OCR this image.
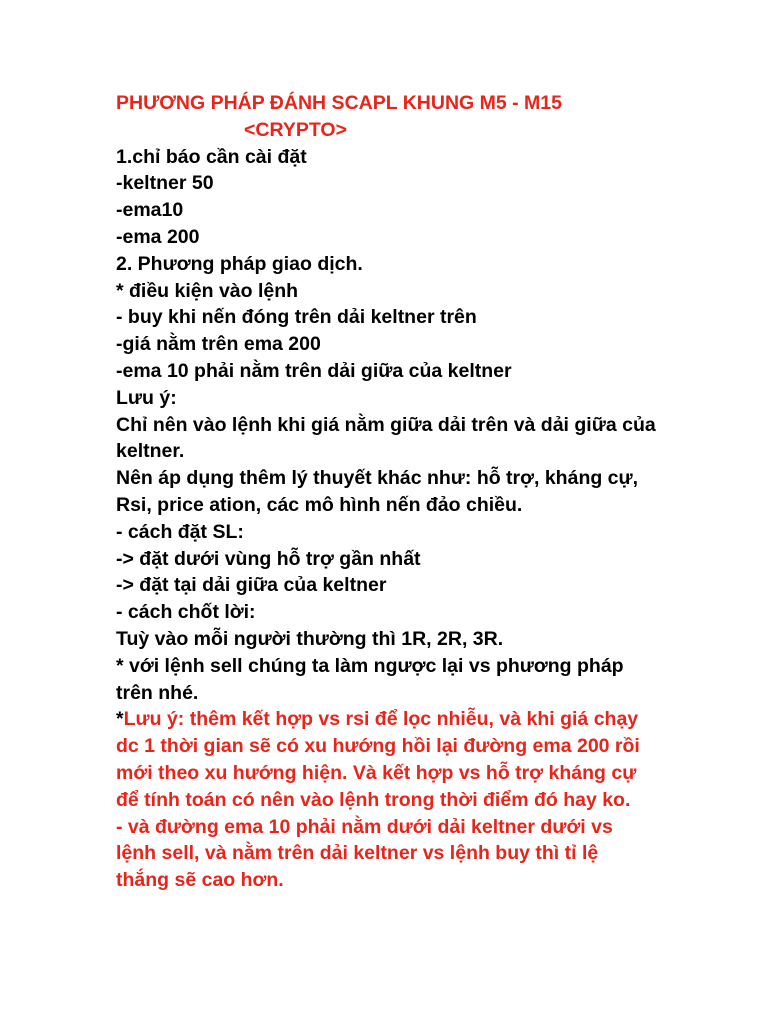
PHƯƠNG PHÁP ĐÁNH SCAPL KHUNG M5 - M15
<CRYPTO>
1.chỉ báo cần cài đặt
-keltner 50
-ema10
-ema 200
2. Phương pháp giao dịch.
* điều kiện vào lệnh
- buy khi nến đóng trên dải keltner trên
-giá nằm trên ema 200
-ema 10 phải nằm trên dải giữa của keltner
Lưu ý:
Chỉ nên vào lệnh khi giá nằm giữa dải trên và dải giữa của keltner.
Nên áp dụng thêm lý thuyết khác như: hỗ trợ, kháng cự, Rsi, price ation, các mô hình nến đảo chiều.
- cách đặt SL:
-> đặt dưới vùng hỗ trợ gần nhất
-> đặt tại dải giữa của keltner
- cách chốt lời:
Tuỳ vào mỗi người thường thì 1R, 2R, 3R.
* với lệnh sell chúng ta làm ngược lại vs phương pháp trên nhé.
*Lưu ý: thêm kết hợp vs rsi để lọc nhiễu, và khi giá chạy dc 1 thời gian sẽ có xu hướng hồi lại đường ema 200 rồi mới theo xu hướng hiện. Và kết hợp vs hỗ trợ kháng cự để tính toán có nên vào lệnh trong thời điểm đó hay ko.
- và đường ema 10 phải nằm dưới dải keltner dưới vs lệnh sell, và nằm trên dải keltner vs lệnh buy thì tỉ lệ thắng sẽ cao hơn.
